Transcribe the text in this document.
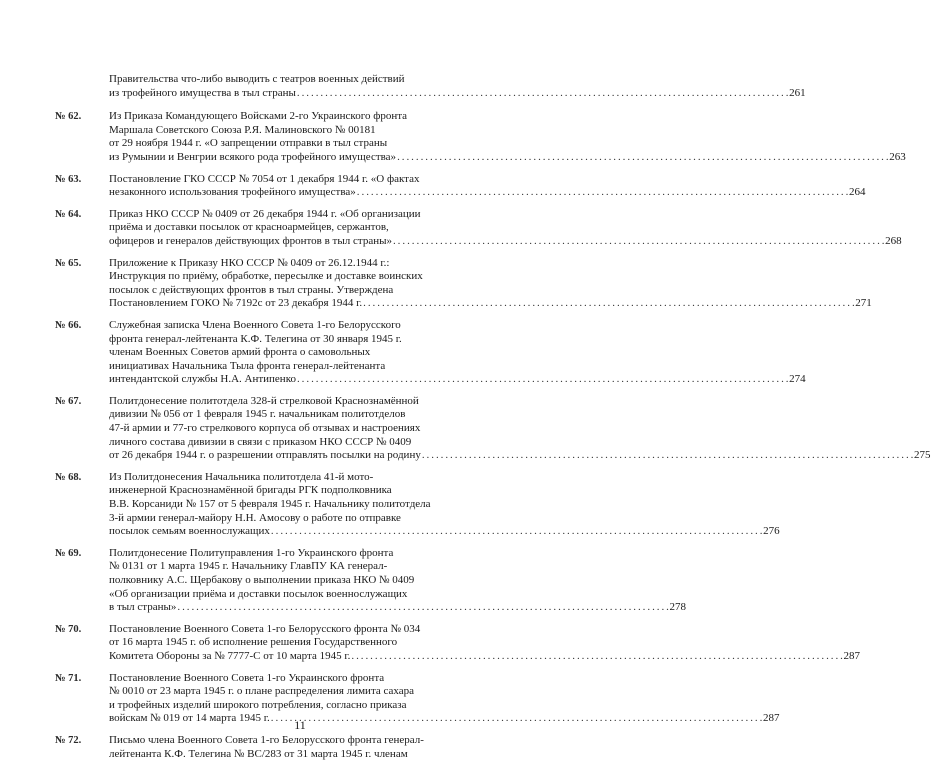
Правительства что-либо выводить с театров военных действий
из трофейного имущества в тыл страны . . .	261
№ 62.	Из Приказа Командующего Войсками 2-го Украинского фронта
Маршала Советского Союза Р.Я. Малиновского № 00181
от 29 ноября 1944 г. «О запрещении отправки в тыл страны
из Румынии и Венгрии всякого рода трофейного имущества» . . .	263
№ 63.	Постановление ГКО СССР № 7054 от 1 декабря 1944 г. «О фактах
незаконного использования трофейного имущества» . . .	264
№ 64.	Приказ НКО СССР № 0409 от 26 декабря 1944 г. «Об организации
приёма и доставки посылок от красноармейцев, сержантов,
офицеров и генералов действующих фронтов в тыл страны» . . .	268
№ 65.	Приложение к Приказу НКО СССР № 0409 от 26.12.1944 г.:
Инструкция по приёму, обработке, пересылке и доставке воинских
посылок с действующих фронтов в тыл страны. Утверждена
Постановлением ГОКО № 7192с от 23 декабря 1944 г. . . .	271
№ 66.	Служебная записка Члена Военного Совета 1-го Белорусского
фронта генерал-лейтенанта К.Ф. Телегина от 30 января 1945 г.
членам Военных Советов армий фронта о самовольных
инициативах Начальника Тыла фронта генерал-лейтенанта
интендантской службы Н.А. Антипенко . . .	274
№ 67.	Политдонесение политотдела 328-й стрелковой Краснознамённой
дивизии № 056 от 1 февраля 1945 г. начальникам политотделов
47-й армии и 77-го стрелкового корпуса об отзывах и настроениях
личного состава дивизии в связи с приказом НКО СССР № 0409
от 26 декабря 1944 г. о разрешении отправлять посылки на родину . . .	275
№ 68.	Из Политдонесения Начальника политотдела 41-й мото-
инженерной Краснознамённой бригады РГК подполковника
В.В. Корсаниди № 157 от 5 февраля 1945 г. Начальнику политотдела
3-й армии генерал-майору Н.Н. Амосову о работе по отправке
посылок семьям военнослужащих . . .	276
№ 69.	Политдонесение Политуправления 1-го Украинского фронта
№ 0131 от 1 марта 1945 г. Начальнику ГлавПУ КА генерал-
полковнику А.С. Щербакову о выполнении приказа НКО № 0409
«Об организации приёма и доставки посылок военнослужащих
в тыл страны» . . .	278
№ 70.	Постановление Военного Совета 1-го Белорусского фронта № 034
от 16 марта 1945 г. об исполнение решения Государственного
Комитета Обороны за № 7777-С от 10 марта 1945 г. . . .	287
№ 71.	Постановление Военного Совета 1-го Украинского фронта
№ 0010 от 23 марта 1945 г. о плане распределения лимита сахара
и трофейных изделий широкого потребления, согласно приказа
войскам № 019 от 14 марта 1945 г. . . .	287
№ 72.	Письмо члена Военного Совета 1-го Белорусского фронта генерал-
лейтенанта К.Ф. Телегина № ВС/283 от 31 марта 1945 г. членам
11
